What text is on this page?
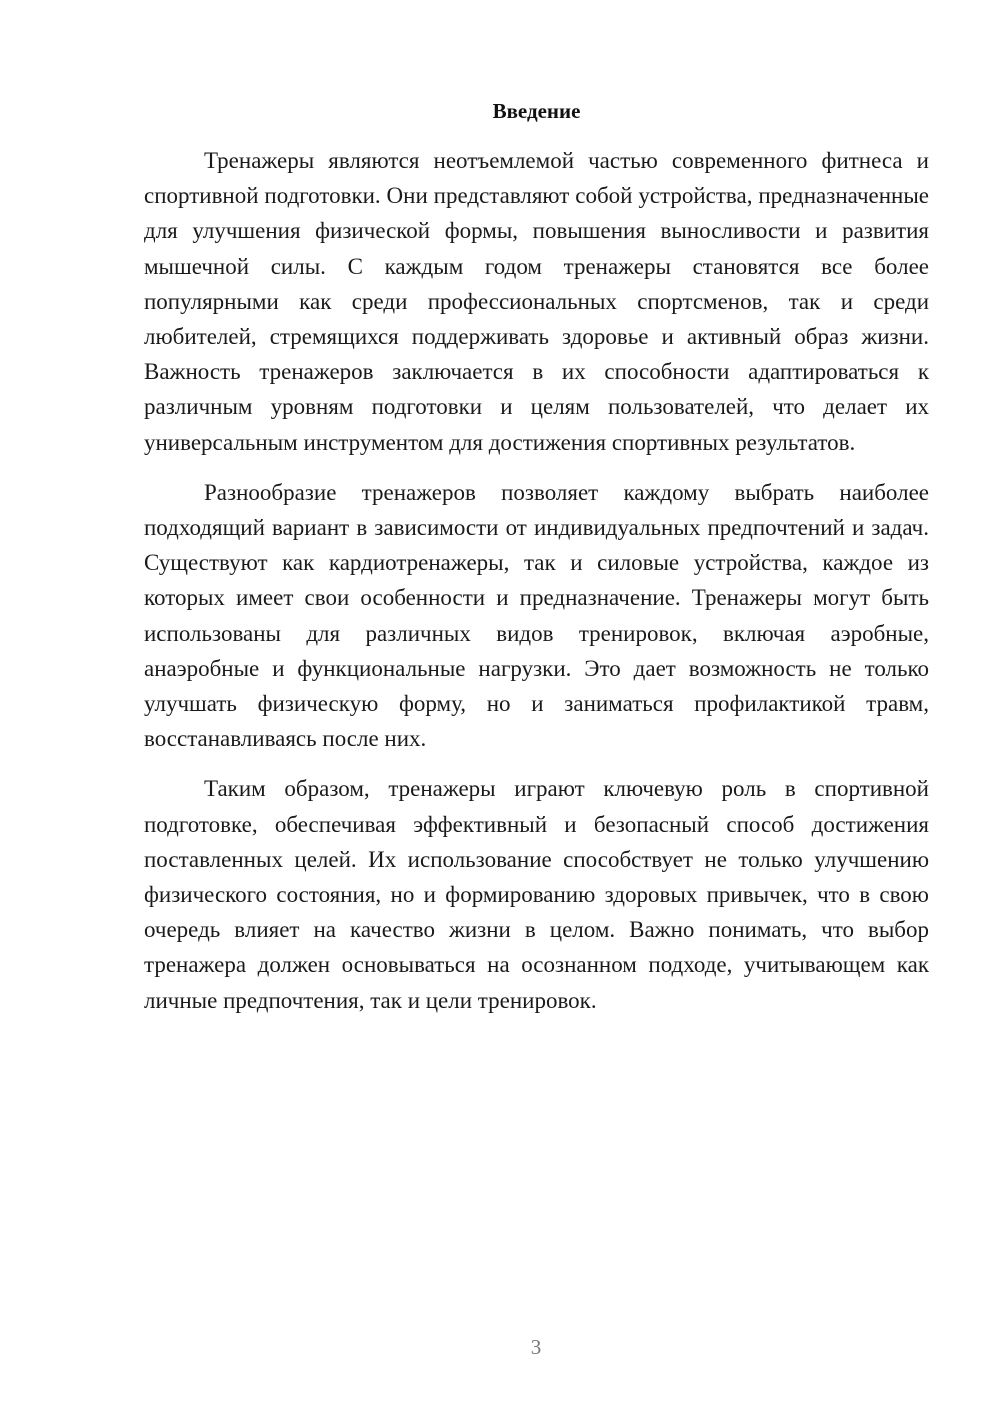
Введение

Тренажеры являются неотъемлемой частью современного фитнеса и спортивной подготовки. Они представляют собой устройства, предназначенные для улучшения физической формы, повышения выносливости и развития мышечной силы. С каждым годом тренажеры становятся все более популярными как среди профессиональных спортсменов, так и среди любителей, стремящихся поддерживать здоровье и активный образ жизни. Важность тренажеров заключается в их способности адаптироваться к различным уровням подготовки и целям пользователей, что делает их универсальным инструментом для достижения спортивных результатов.

Разнообразие тренажеров позволяет каждому выбрать наиболее подходящий вариант в зависимости от индивидуальных предпочтений и задач. Существуют как кардиотренажеры, так и силовые устройства, каждое из которых имеет свои особенности и предназначение. Тренажеры могут быть использованы для различных видов тренировок, включая аэробные, анаэробные и функциональные нагрузки. Это дает возможность не только улучшать физическую форму, но и заниматься профилактикой травм, восстанавливаясь после них.

Таким образом, тренажеры играют ключевую роль в спортивной подготовке, обеспечивая эффективный и безопасный способ достижения поставленных целей. Их использование способствует не только улучшению физического состояния, но и формированию здоровых привычек, что в свою очередь влияет на качество жизни в целом. Важно понимать, что выбор тренажера должен основываться на осознанном подходе, учитывающем как личные предпочтения, так и цели тренировок.

3
